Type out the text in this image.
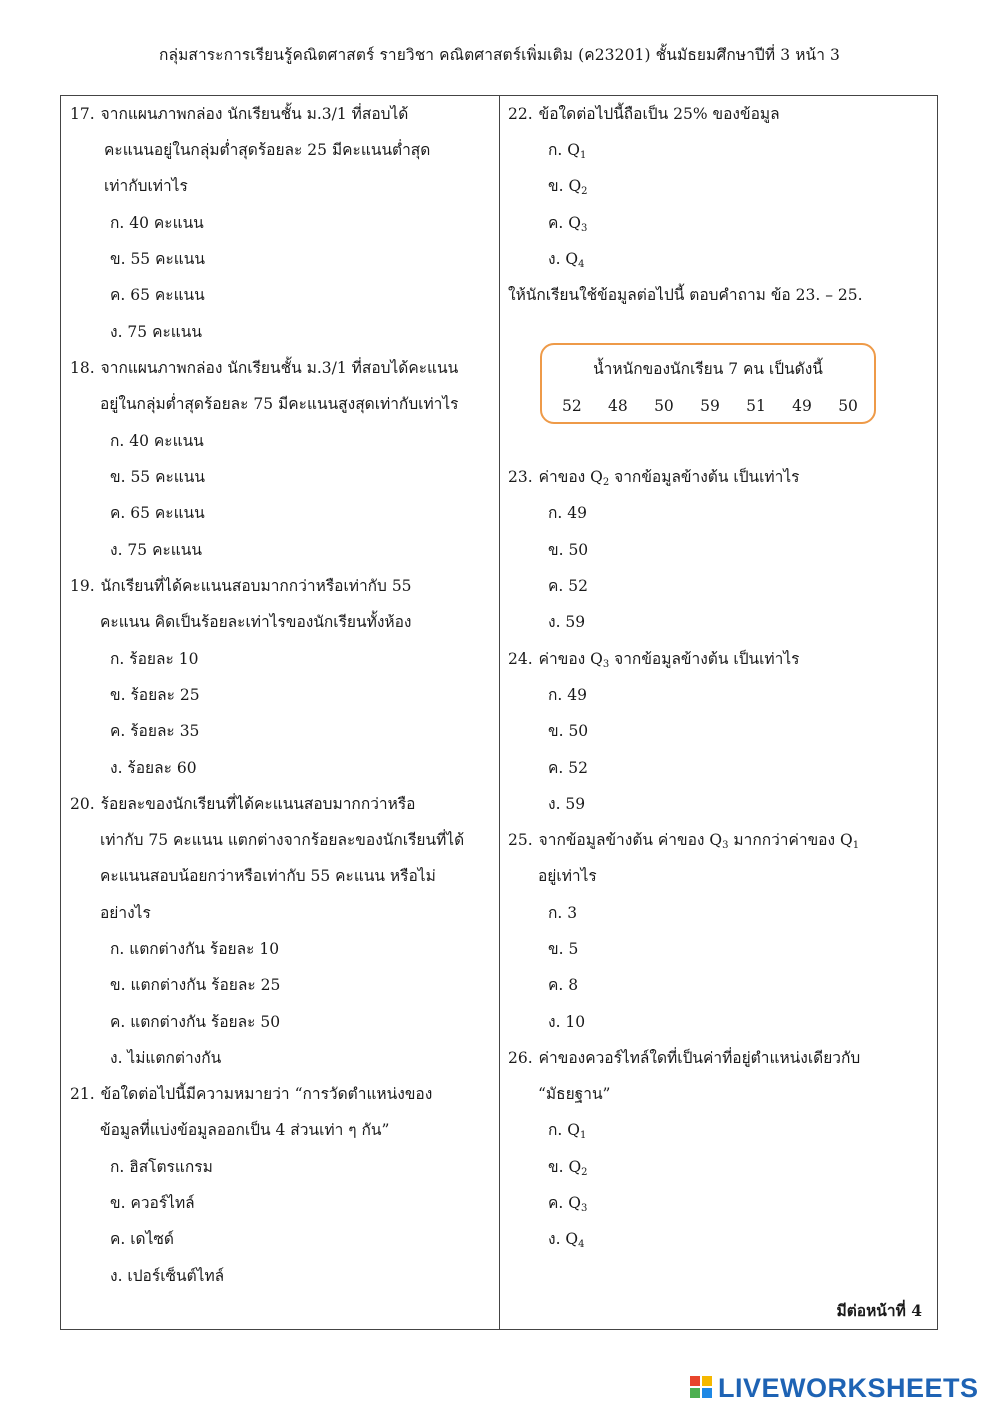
กลุ่มสาระการเรียนรู้คณิตศาสตร์ รายวิชา คณิตศาสตร์เพิ่มเติม (ค23201) ชั้นมัธยมศึกษาปีที่ 3 หน้า 3
17. จากแผนภาพกล่อง นักเรียนชั้น ม.3/1 ที่สอบได้
คะแนนอยู่ในกลุ่มต่ำสุดร้อยละ 25 มีคะแนนต่ำสุด
เท่ากับเท่าไร
ก. 40 คะแนน
ข. 55 คะแนน
ค. 65 คะแนน
ง. 75 คะแนน
18. จากแผนภาพกล่อง นักเรียนชั้น ม.3/1 ที่สอบได้คะแนน
อยู่ในกลุ่มต่ำสุดร้อยละ 75 มีคะแนนสูงสุดเท่ากับเท่าไร
ก. 40 คะแนน
ข. 55 คะแนน
ค. 65 คะแนน
ง. 75 คะแนน
19. นักเรียนที่ได้คะแนนสอบมากกว่าหรือเท่ากับ 55
คะแนน คิดเป็นร้อยละเท่าไรของนักเรียนทั้งห้อง
ก. ร้อยละ 10
ข. ร้อยละ 25
ค. ร้อยละ 35
ง. ร้อยละ 60
20. ร้อยละของนักเรียนที่ได้คะแนนสอบมากกว่าหรือ
เท่ากับ 75 คะแนน แตกต่างจากร้อยละของนักเรียนที่ได้
คะแนนสอบน้อยกว่าหรือเท่ากับ 55 คะแนน หรือไม่
อย่างไร
ก. แตกต่างกัน ร้อยละ 10
ข. แตกต่างกัน ร้อยละ 25
ค. แตกต่างกัน ร้อยละ 50
ง. ไม่แตกต่างกัน
21. ข้อใดต่อไปนี้มีความหมายว่า “การวัดตำแหน่งของ
ข้อมูลที่แบ่งข้อมูลออกเป็น 4 ส่วนเท่า ๆ กัน”
ก. ฮิสโตรแกรม
ข. ควอร์ไทล์
ค. เดไซด์
ง. เปอร์เซ็นต์ไทล์
22. ข้อใดต่อไปนี้ถือเป็น 25% ของข้อมูล
ก. $Q_1$
ข. $Q_2$
ค. $Q_3$
ง. $Q_4$
ให้นักเรียนใช้ข้อมูลต่อไปนี้ ตอบคำถาม ข้อ 23. – 25.
น้ำหนักของนักเรียน 7 คน เป็นดังนี้
52 48 50 59 51 49 50
23. ค่าของ $Q_2$ จากข้อมูลข้างต้น เป็นเท่าไร
ก. 49
ข. 50
ค. 52
ง. 59
24. ค่าของ $Q_3$ จากข้อมูลข้างต้น เป็นเท่าไร
ก. 49
ข. 50
ค. 52
ง. 59
25. จากข้อมูลข้างต้น ค่าของ $Q_3$ มากกว่าค่าของ $Q_1$
อยู่เท่าไร
ก. 3
ข. 5
ค. 8
ง. 10
26. ค่าของควอร์ไทล์ใดที่เป็นค่าที่อยู่ตำแหน่งเดียวกับ
“มัธยฐาน”
ก. $Q_1$
ข. $Q_2$
ค. $Q_3$
ง. $Q_4$
มีต่อหน้าที่ 4
LIVEWORKSHEETS
